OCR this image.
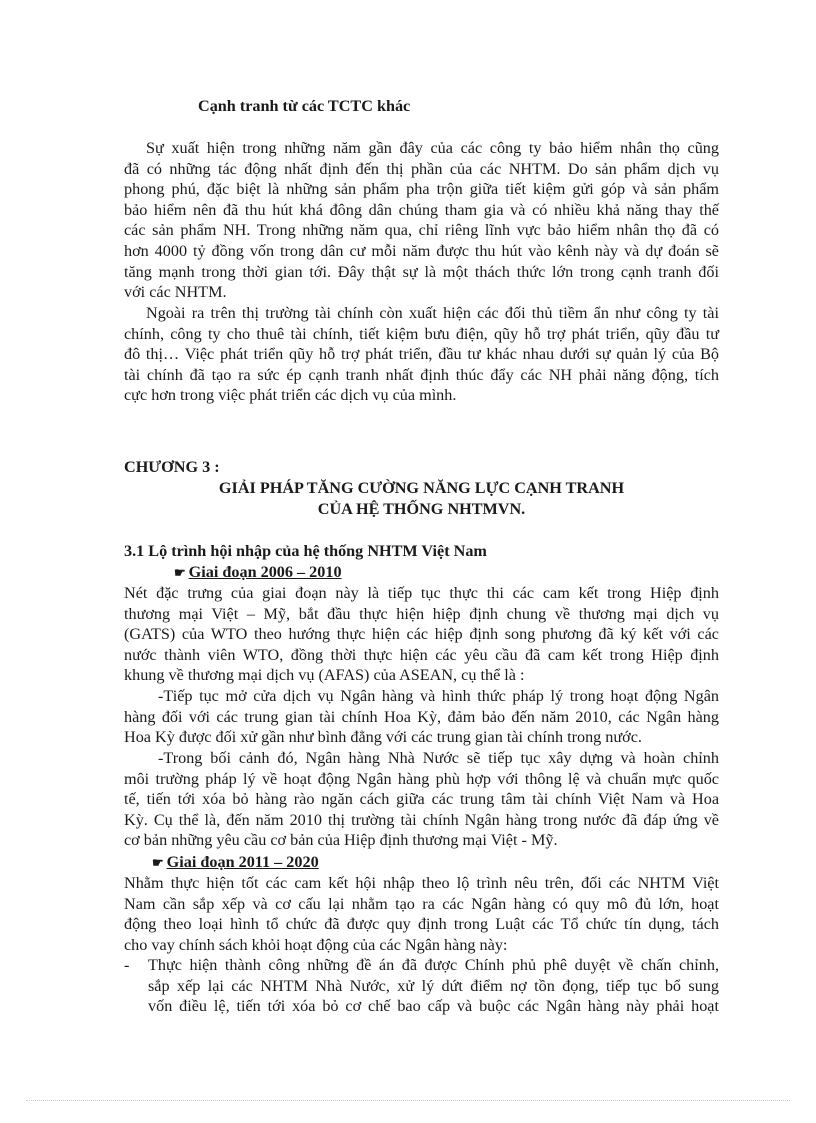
Cạnh tranh từ các TCTC khác
Sự xuất hiện trong những năm gần đây của các công ty bảo hiểm nhân thọ cũng
đã có những tác động nhất định đến thị phần của các NHTM. Do sản phẩm dịch vụ
phong phú, đặc biệt là những sản phẩm pha trộn giữa tiết kiệm gửi góp và sản phẩm
bảo hiểm nên đã thu hút khá đông dân chúng tham gia và có nhiều khả năng thay thế
các sản phẩm NH. Trong những năm qua, chỉ riêng lĩnh vực bảo hiểm nhân thọ đã có
hơn 4000 tỷ đồng vốn trong dân cư mỗi năm được thu hút vào kênh này và dự đoán sẽ
tăng mạnh trong thời gian tới. Đây thật sự là một thách thức lớn trong cạnh tranh đối
với các NHTM.
Ngoài ra trên thị trường tài chính còn xuất hiện các đối thủ tiềm ẩn như công ty tài
chính, công ty cho thuê tài chính, tiết kiệm bưu điện, qũy hỗ trợ phát triển, qũy đầu tư
đô thị… Việc phát triển qũy hỗ trợ phát triển, đầu tư khác nhau dưới sự quản lý của Bộ
tài chính đã tạo ra sức ép cạnh tranh nhất định thúc đẩy các NH phải năng động, tích
cực hơn trong việc phát triển các dịch vụ của mình.
CHƯƠNG 3 :
GIẢI PHÁP TĂNG CƯỜNG NĂNG LỰC CẠNH TRANH
CỦA HỆ THỐNG NHTMVN.
3.1 Lộ trình hội nhập của hệ thống NHTM Việt Nam
☛ Giai đoạn 2006 – 2010
Nét đặc trưng của giai đoạn này là tiếp tục thực thi các cam kết trong Hiệp định
thương mại Việt – Mỹ, bắt đầu thực hiện hiệp định chung về thương mại dịch vụ
(GATS) của WTO theo hướng thực hiện các hiệp định song phương đã ký kết với các
nước thành viên WTO, đồng thời thực hiện các yêu cầu đã cam kết trong Hiệp định
khung về thương mại dịch vụ (AFAS) của ASEAN, cụ thể là :
-Tiếp tục mở cửa dịch vụ Ngân hàng và hình thức pháp lý trong hoạt động Ngân
hàng đối với các trung gian tài chính Hoa Kỳ, đảm bảo đến năm 2010, các Ngân hàng
Hoa Kỳ được đối xử gần như bình đẳng với các trung gian tài chính trong nước.
-Trong bối cảnh đó, Ngân hàng Nhà Nước sẽ tiếp tục xây dựng và hoàn chỉnh
môi trường pháp lý về hoạt động Ngân hàng phù hợp với thông lệ và chuẩn mực quốc
tế, tiến tới xóa bỏ hàng rào ngăn cách giữa các trung tâm tài chính Việt Nam và Hoa
Kỳ. Cụ thể là, đến năm 2010 thị trường tài chính Ngân hàng trong nước đã đáp ứng về
cơ bản những yêu cầu cơ bản của Hiệp định thương mại Việt - Mỹ.
☛ Giai đoạn 2011 – 2020
Nhằm thực hiện tốt các cam kết hội nhập theo lộ trình nêu trên, đối các NHTM Việt
Nam cần sắp xếp và cơ cấu lại nhằm tạo ra các Ngân hàng có quy mô đủ lớn, hoạt
động theo loại hình tổ chức đã được quy định trong Luật các Tổ chức tín dụng, tách
cho vay chính sách khỏi hoạt động của các Ngân hàng này:
- Thực hiện thành công những đề án đã được Chính phủ phê duyệt về chấn chỉnh,
sắp xếp lại các NHTM Nhà Nước, xử lý dứt điểm nợ tồn đọng, tiếp tục bổ sung
vốn điều lệ, tiến tới xóa bỏ cơ chế bao cấp và buộc các Ngân hàng này phải hoạt
